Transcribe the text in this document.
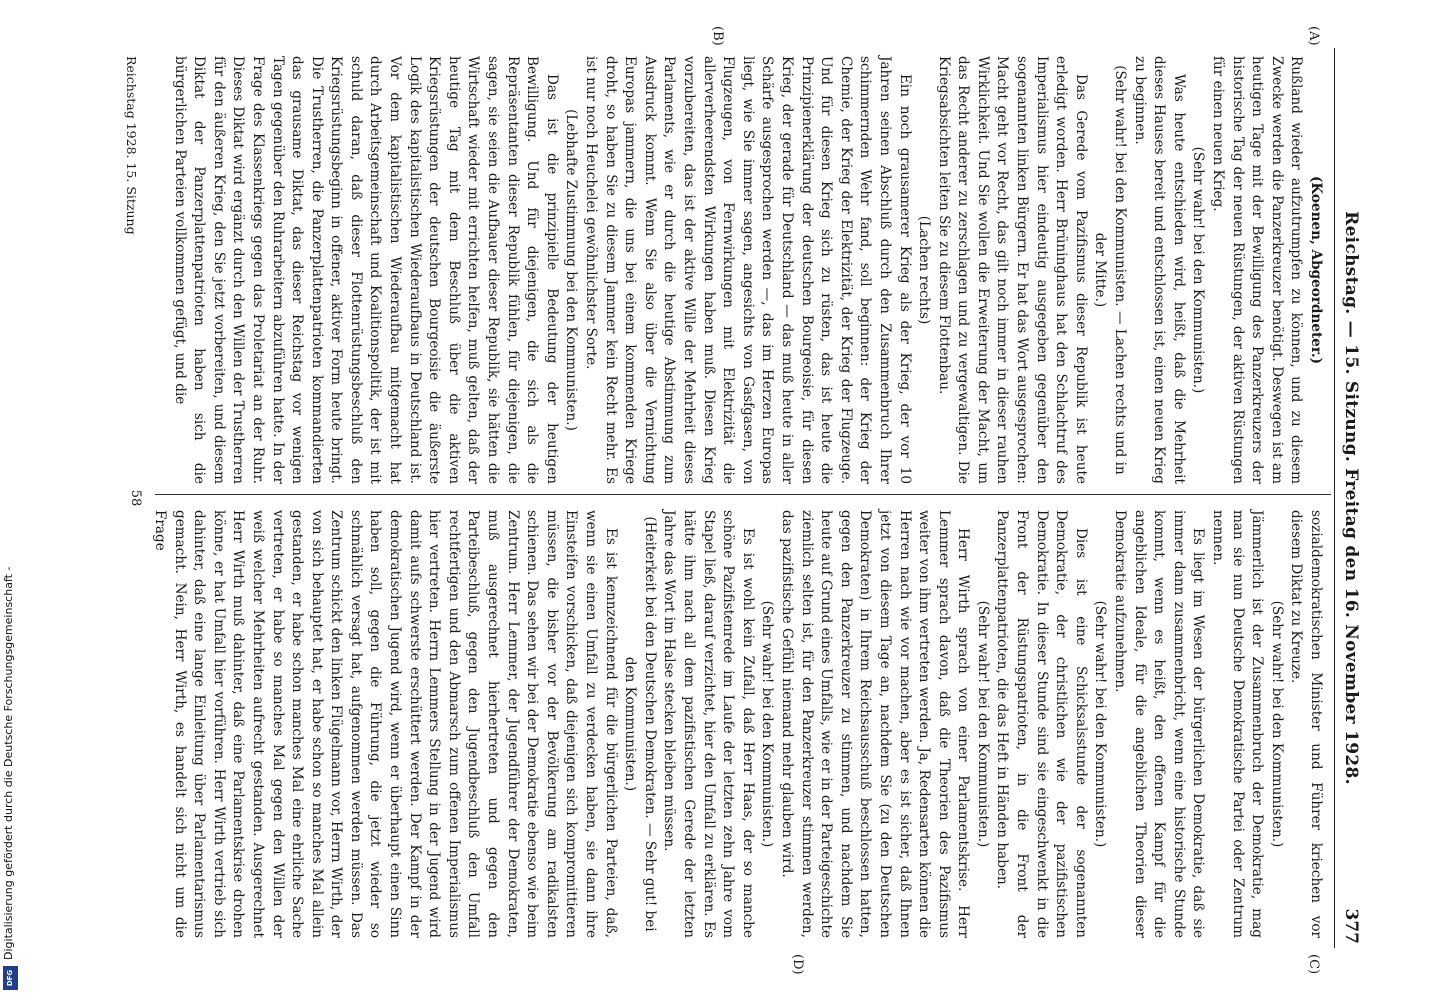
Digitalisierung gefördert durch die Deutsche Forschungsgemeinschaft -
DFG
Reichstag. — 15. Sitzung. Freitag den 16. November 1928.
377
(A)
(B)
(C)
(D)

(Koenen, Abgeordneter.)

Rußland wieder aufzutrumpfen zu können, und zu diesem Zwecke werden die Panzerkreuzer benötigt. Deswegen ist am heutigen Tage mit der Bewilligung des Panzerkreuzers der historische Tag der neuen Rüstungen, der aktiven Rüstungen für einen neuen Krieg.

(Sehr wahr! bei den Kommunisten.)

Was heute entschieden wird, heißt, daß die Mehrheit dieses Hauses bereit und entschlossen ist, einen neuen Krieg zu beginnen.

(Sehr wahr! bei den Kommunisten. — Lachen rechts und in der Mitte.)

Das Gerede vom Pazifismus dieser Republik ist heute erledigt worden. Herr Brüninghaus hat den Schlachtruf des Imperialismus hier eindeutig ausgegeben gegenüber den sogenannten linken Bürgern. Er hat das Wort ausgesprochen: Macht geht vor Recht, das gilt noch immer in dieser rauhen Wirklichkeit. Und Sie wollen die Erweiterung der Macht, um das Recht anderer zu zerschlagen und zu vergewaltigen. Die Kriegsabsichten leiten Sie zu diesem Flottenbau.

(Lachen rechts)

Ein noch grausamerer Krieg als der Krieg, der vor 10 Jahren seinen Abschluß durch den Zusammenbruch Ihrer schimmernden Wehr fand, soll beginnen: der Krieg der Chemie, der Krieg der Elektrizität, der Krieg der Flugzeuge. Und für diesen Krieg sich zu rüsten, das ist heute die Prinzipienerklärung der deutschen Bourgeoisie, für diesen Krieg, der gerade für Deutschland — das muß heute in aller Schärfe ausgesprochen werden —, das im Herzen Europas liegt, wie Sie immer sagen, angesichts von Gasfgasen, von Flugzeugen, von Fernwirkungen mit Elektrizität die allerverheerendsten Wirkungen haben muß. Diesen Krieg vorzubereiten, das ist der aktive Wille der Mehrheit dieses Parlaments, wie er durch die heutige Abstimmung zum Ausdruck kommt. Wenn Sie also über die Vernichtung Europas jammern, die uns bei einem kommenden Kriege droht, so haben Sie zu diesem Jammer kein Recht mehr. Es ist nur noch Heuchelei gewöhnlichster Sorte.

(Lebhafte Zustimmung bei den Kommunisten.)

Das ist die prinzipielle Bedeutung der heutigen Bewilligung. Und für diejenigen, die sich als die Repräsentanten dieser Republik fühlen, für diejenigen, die sagen, sie seien die Aufbauer dieser Republik, sie hätten die Wirtschaft wieder mit errichten helfen, muß gelten, daß der heutige Tag mit dem Beschluß über die aktiven Kriegsrüstungen der deutschen Bourgeoisie die äußerste Logik des kapitalistischen Wiederaufbaus in Deutschland ist. Vor dem kapitalistischen Wiederaufbau mitgemacht hat durch Arbeitsgemeinschaft und Koalitionspolitik, der ist mit schuld daran, daß dieser Flottenrüstungsbeschluß den Kriegsrüstungsbeginn in offener, aktiver Form heute bringt. Die Trustherren, die Panzerplattenpatrioten kommandierten das grausame Diktat, das dieser Reichstag vor wenigen Tagen gegenüber den Ruhrarbeitern abzuführen hatte. In der Frage des Klassenkriegs gegen das Proletariat an der Ruhr. Dieses Diktat wird ergänzt durch den Willen der Trustherren für den äußeren Krieg, den Sie jetzt vorbereiten, und diesem Diktat der Panzerplattenpatrioten haben sich die bürgerlichen Parteien vollkommen gefügt, und die

sozialdemokratischen Minister und Führer kriechen vor diesem Diktat zu Kreuze.

(Sehr wahr! bei den Kommunisten.)

Jämmerlich ist der Zusammenbruch der Demokratie, mag man sie nun Deutsche Demokratische Partei oder Zentrum nennen.

Es liegt im Wesen der bürgerlichen Demokratie, daß sie immer dann zusammenbricht, wenn eine historische Stunde kommt, wenn es heißt, den offenen Kampf für die angeblichen Ideale, für die angeblichen Theorien dieser Demokratie aufzunehmen.

(Sehr wahr! bei den Kommunisten.)

Dies ist eine Schicksalsstunde der sogenannten Demokratie, der christlichen wie der pazifistischen Demokratie. In dieser Stunde sind sie eingeschwenkt in die Front der Rüstungspatrioten, in die Front der Panzerplattenpatrioten, die das Heft in Händen haben.

(Sehr wahr! bei den Kommunisten.)

Herr Wirth sprach von einer Parlamentskrise. Herr Lemmer sprach davon, daß die Theorien des Pazifismus weiter von ihm vertreten werden. Ja, Redensarten können die Herren nach wie vor machen, aber es ist sicher, daß Ihnen jetzt von diesem Tage an, nachdem Sie (zu den Deutschen Demokraten) in Ihrem Reichsausschuß beschlossen hatten, gegen den Panzerkreuzer zu stimmen, und nachdem Sie heute auf Grund eines Umfalls, wie er in der Parteigeschichte ziemlich selten ist, für den Panzerkreuzer stimmen werden, das pazifistische Gefühl niemand mehr glauben wird.

(Sehr wahr! bei den Kommunisten.)

Es ist wohl kein Zufall, daß Herr Haas, der so manche schöne Pazifistenrede im Laufe der letzten zehn Jahre vom Stapel ließ, darauf verzichtet, hier den Umfall zu erklären. Es hätte ihm nach all dem pazifistischen Gerede der letzten Jahre das Wort im Halse stecken bleiben müssen.

(Heiterkeit bei den Deutschen Demokraten. — Sehr gut! bei den Kommunisten.)

Es ist kennzeichnend für die bürgerlichen Parteien, daß, wenn sie einen Umfall zu verdecken haben, sie dann ihre Einsteifen vorschicken, daß diejenigen sich kompromittieren müssen, die bisher vor der Bevölkerung am radikalsten schienen. Das sehen wir bei der Demokratie ebenso wie beim Zentrum. Herr Lemmer, der Jugendführer der Demokraten, muß ausgerechnet hierhertreten und gegen den Parteibeschluß, gegen den Jugendbeschluß den Umfall rechtfertigen und den Abmarsch zum offenen Imperialismus hier vertreten. Herrn Lemmers Stellung in der Jugend wird damit aufs schwerste erschüttert werden. Der Kampf in der demokratischen Jugend wird, wenn er überhaupt einen Sinn haben soll, gegen die Führung, die jetzt wieder so schmählich versagt hat, aufgenommen werden müssen. Das Zentrum schickt den linken Flügelmann vor, Herrn Wirth, der von sich behauptet hat, er habe schon so manches Mal allein gestanden, er habe schon manches Mal eine ehrliche Sache vertreten, er habe so manches Mal gegen den Willen der weiß welcher Mehrheiten aufrecht gestanden. Ausgerechnet Herr Wirth muß dahinter, daß eine Parlamentskrise drohen könne, er hat Umfall hier vorführen. Herr Wirth vertrieb sich dahinter, daß eine lange Einleitung über Parlamentarismus gemacht. Nein, Herr Wirth, es handelt sich nicht um die Frage

Reichstag 1928. 15. Sitzung
58
